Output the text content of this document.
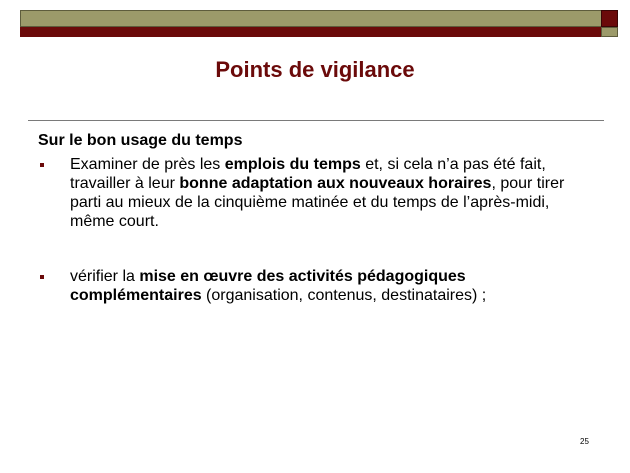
Points de vigilance

Sur le bon usage du temps

Examiner de près les emplois du temps et, si cela n’a pas été fait, travailler à leur bonne adaptation aux nouveaux horaires, pour tirer parti au mieux de la cinquième matinée et du temps de l’après-midi, même court.
vérifier la mise en œuvre des activités pédagogiques complémentaires (organisation, contenus, destinataires) ;
25
